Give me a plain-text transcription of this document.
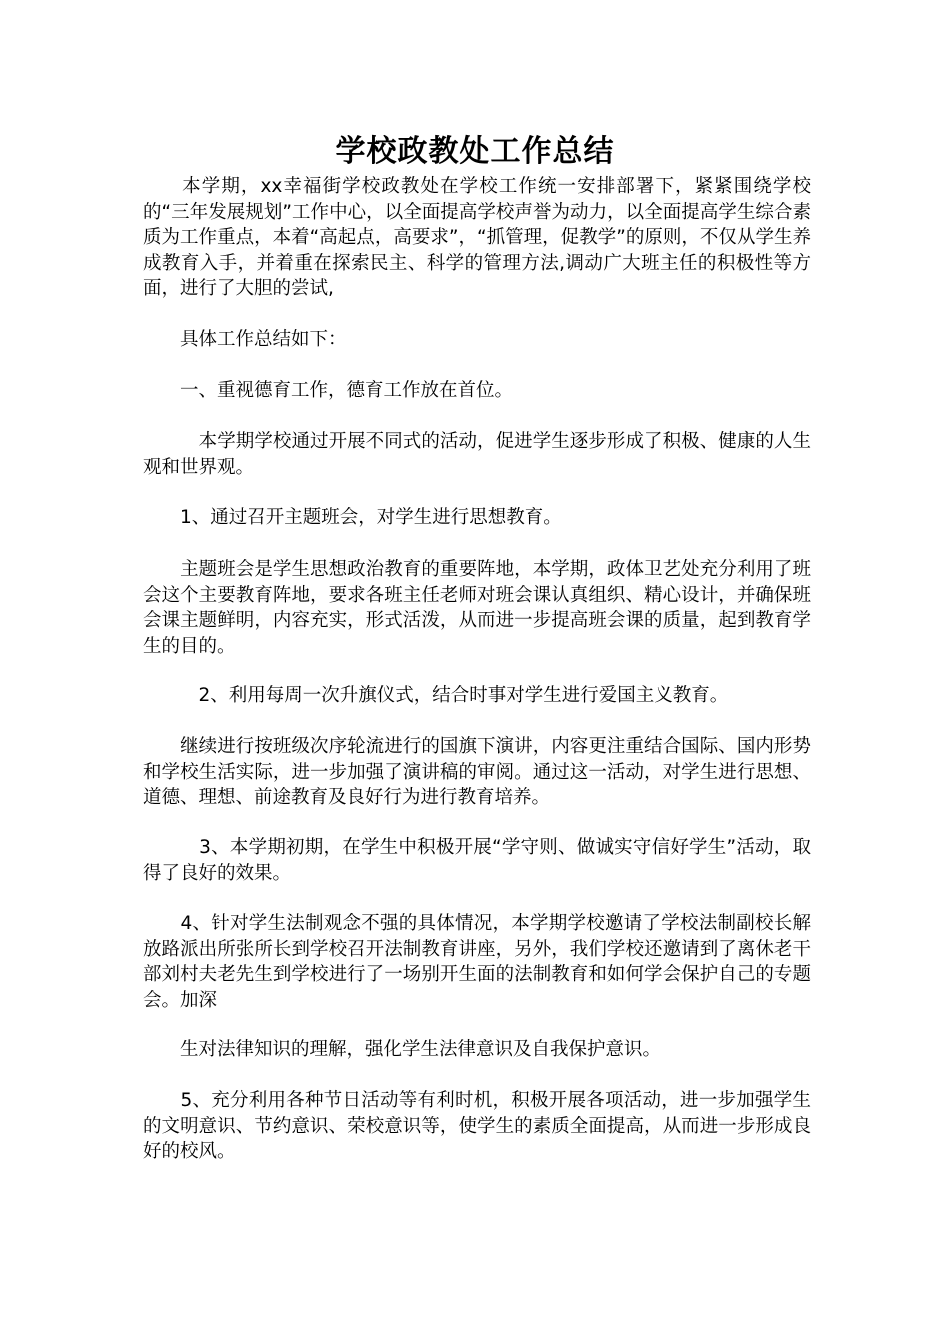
学校政教处工作总结
　　本学期，xx幸福街学校政教处在学校工作统一安排部署下，紧紧围绕学校的“三年发展规划”工作中心，以全面提高学校声誉为动力，以全面提高学生综合素质为工作重点，本着“高起点，高要求”，“抓管理，促教学”的原则，不仅从学生养成教育入手，并着重在探索民主、科学的管理方法,调动广大班主任的积极性等方面，进行了大胆的尝试,
　　具体工作总结如下：
　　一、重视德育工作，德育工作放在首位。
　　　本学期学校通过开展不同式的活动，促进学生逐步形成了积极、健康的人生观和世界观。
　　1、通过召开主题班会，对学生进行思想教育。
　　主题班会是学生思想政治教育的重要阵地，本学期，政体卫艺处充分利用了班会这个主要教育阵地，要求各班主任老师对班会课认真组织、精心设计，并确保班会课主题鲜明，内容充实，形式活泼，从而进一步提高班会课的质量，起到教育学生的目的。
　　　2、利用每周一次升旗仪式，结合时事对学生进行爱国主义教育。
　　继续进行按班级次序轮流进行的国旗下演讲，内容更注重结合国际、国内形势和学校生活实际，进一步加强了演讲稿的审阅。通过这一活动，对学生进行思想、道德、理想、前途教育及良好行为进行教育培养。
　　　3、本学期初期，在学生中积极开展“学守则、做诚实守信好学生”活动，取得了良好的效果。
　　4、针对学生法制观念不强的具体情况，本学期学校邀请了学校法制副校长解放路派出所张所长到学校召开法制教育讲座，另外，我们学校还邀请到了离休老干部刘村夫老先生到学校进行了一场别开生面的法制教育和如何学会保护自己的专题会。加深
　　生对法律知识的理解，强化学生法律意识及自我保护意识。
　　5、充分利用各种节日活动等有利时机，积极开展各项活动，进一步加强学生的文明意识、节约意识、荣校意识等，使学生的素质全面提高，从而进一步形成良好的校风。
